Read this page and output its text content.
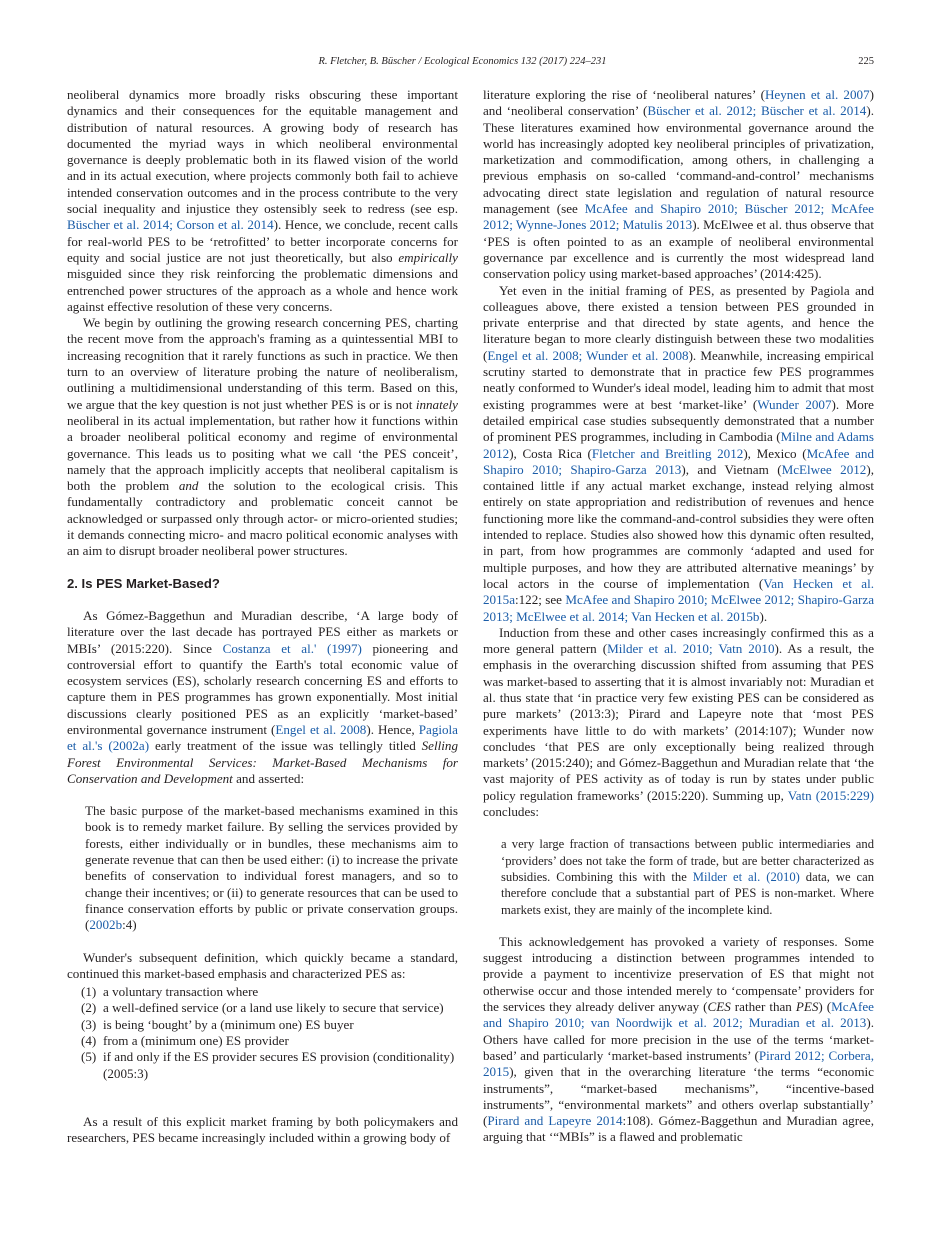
R. Fletcher, B. Büscher / Ecological Economics 132 (2017) 224–231	225

neoliberal dynamics more broadly risks obscuring these important dynamics and their consequences for the equitable management and distribution of natural resources. A growing body of research has documented the myriad ways in which neoliberal environmental governance is deeply problematic both in its flawed vision of the world and in its actual execution, where projects commonly both fail to achieve intended conservation outcomes and in the process contribute to the very social inequality and injustice they ostensibly seek to redress (see esp. Büscher et al. 2014; Corson et al. 2014). Hence, we conclude, recent calls for real-world PES to be ‘retrofitted’ to better incorporate concerns for equity and social justice are not just theoretically, but also empirically misguided since they risk reinforcing the problematic dimensions and entrenched power structures of the approach as a whole and hence work against effective resolution of these very concerns.

We begin by outlining the growing research concerning PES, charting the recent move from the approach's framing as a quintessential MBI to increasing recognition that it rarely functions as such in practice. We then turn to an overview of literature probing the nature of neoliberalism, outlining a multidimensional understanding of this term. Based on this, we argue that the key question is not just whether PES is or is not innately neoliberal in its actual implementation, but rather how it functions within a broader neoliberal political economy and regime of environmental governance. This leads us to positing what we call ‘the PES conceit’, namely that the approach implicitly accepts that neoliberal capitalism is both the problem and the solution to the ecological crisis. This fundamentally contradictory and problematic conceit cannot be acknowledged or surpassed only through actor- or micro-oriented studies; it demands connecting micro- and macro political economic analyses with an aim to disrupt broader neoliberal power structures.

2. Is PES Market-Based?

As Gómez-Baggethun and Muradian describe, ‘A large body of literature over the last decade has portrayed PES either as markets or MBIs’ (2015:220). Since Costanza et al.' (1997) pioneering and controversial effort to quantify the Earth's total economic value of ecosystem services (ES), scholarly research concerning ES and efforts to capture them in PES programmes has grown exponentially. Most initial discussions clearly positioned PES as an explicitly ‘market-based’ environmental governance instrument (Engel et al. 2008). Hence, Pagiola et al.'s (2002a) early treatment of the issue was tellingly titled Selling Forest Environmental Services: Market-Based Mechanisms for Conservation and Development and asserted:

The basic purpose of the market-based mechanisms examined in this book is to remedy market failure. By selling the services provided by forests, either individually or in bundles, these mechanisms aim to generate revenue that can then be used either: (i) to increase the private benefits of conservation to individual forest managers, and so to change their incentives; or (ii) to generate resources that can be used to finance conservation efforts by public or private conservation groups. (2002b:4)

Wunder's subsequent definition, which quickly became a standard, continued this market-based emphasis and characterized PES as:

(1) a voluntary transaction where
(2) a well-defined service (or a land use likely to secure that service)
(3) is being ‘bought’ by a (minimum one) ES buyer
(4) from a (minimum one) ES provider
(5) if and only if the ES provider secures ES provision (conditionality) (2005:3)

As a result of this explicit market framing by both policymakers and researchers, PES became increasingly included within a growing body of

literature exploring the rise of ‘neoliberal natures’ (Heynen et al. 2007) and ‘neoliberal conservation’ (Büscher et al. 2012; Büscher et al. 2014). These literatures examined how environmental governance around the world has increasingly adopted key neoliberal principles of privatization, marketization and commodification, among others, in challenging a previous emphasis on so-called ‘command-and-control’ mechanisms advocating direct state legislation and regulation of natural resource management (see McAfee and Shapiro 2010; Büscher 2012; McAfee 2012; Wynne-Jones 2012; Matulis 2013). McElwee et al. thus observe that ‘PES is often pointed to as an example of neoliberal environmental governance par excellence and is currently the most widespread land conservation policy using market-based approaches’ (2014:425).

Yet even in the initial framing of PES, as presented by Pagiola and colleagues above, there existed a tension between PES grounded in private enterprise and that directed by state agents, and hence the literature began to more clearly distinguish between these two modalities (Engel et al. 2008; Wunder et al. 2008). Meanwhile, increasing empirical scrutiny started to demonstrate that in practice few PES programmes neatly conformed to Wunder's ideal model, leading him to admit that most existing programmes were at best ‘market-like’ (Wunder 2007). More detailed empirical case studies subsequently demonstrated that a number of prominent PES programmes, including in Cambodia (Milne and Adams 2012), Costa Rica (Fletcher and Breitling 2012), Mexico (McAfee and Shapiro 2010; Shapiro-Garza 2013), and Vietnam (McElwee 2012), contained little if any actual market exchange, instead relying almost entirely on state appropriation and redistribution of revenues and hence functioning more like the command-and-control subsidies they were often intended to replace. Studies also showed how this dynamic often resulted, in part, from how programmes are commonly ‘adapted and used for multiple purposes, and how they are attributed alternative meanings’ by local actors in the course of implementation (Van Hecken et al. 2015a:122; see McAfee and Shapiro 2010; McElwee 2012; Shapiro-Garza 2013; McElwee et al. 2014; Van Hecken et al. 2015b).

Induction from these and other cases increasingly confirmed this as a more general pattern (Milder et al. 2010; Vatn 2010). As a result, the emphasis in the overarching discussion shifted from assuming that PES was market-based to asserting that it is almost invariably not: Muradian et al. thus state that ‘in practice very few existing PES can be considered as pure markets’ (2013:3); Pirard and Lapeyre note that ‘most PES experiments have little to do with markets’ (2014:107); Wunder now concludes ‘that PES are only exceptionally being realized through markets’ (2015:240); and Gómez-Baggethun and Muradian relate that ‘the vast majority of PES activity as of today is run by states under public policy regulation frameworks’ (2015:220). Summing up, Vatn (2015:229) concludes:

a very large fraction of transactions between public intermediaries and ‘providers’ does not take the form of trade, but are better characterized as subsidies. Combining this with the Milder et al. (2010) data, we can therefore conclude that a substantial part of PES is non-market. Where markets exist, they are mainly of the incomplete kind.

This acknowledgement has provoked a variety of responses. Some suggest introducing a distinction between programmes intended to provide a payment to incentivize preservation of ES that might not otherwise occur and those intended merely to ‘compensate’ providers for the services they already deliver anyway (CES rather than PES) (McAfee and Shapiro 2010; van Noordwijk et al. 2012; Muradian et al. 2013). Others have called for more precision in the use of the terms ‘market-based’ and particularly ‘market-based instruments’ (Pirard 2012; Corbera, 2015), given that in the overarching literature ‘the terms “economic instruments”, “market-based mechanisms”, “incentive-based instruments”, “environmental markets” and others overlap substantially’ (Pirard and Lapeyre 2014:108). Gómez-Baggethun and Muradian agree, arguing that ‘“MBIs” is a flawed and problematic
